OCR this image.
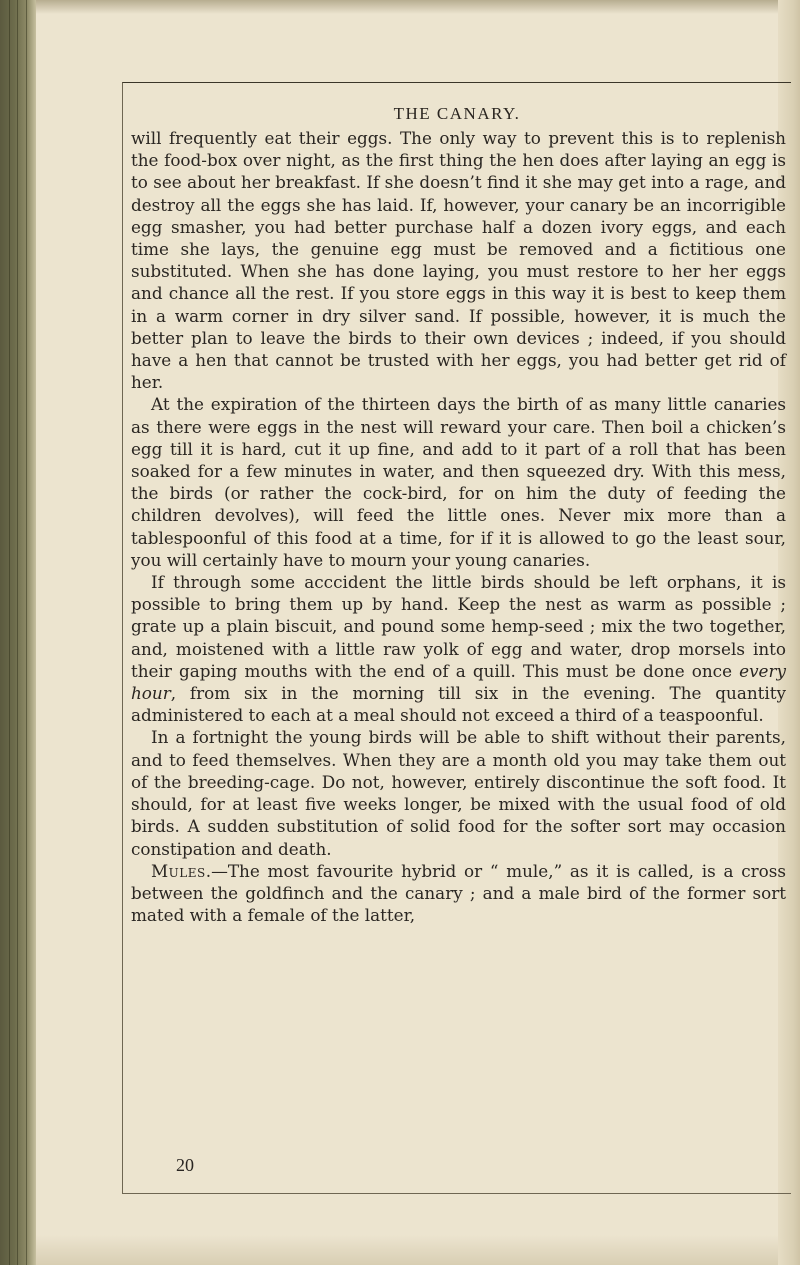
THE CANARY.

will frequently eat their eggs. The only way to prevent this is to replenish the food-box over night, as the first thing the hen does after laying an egg is to see about her breakfast. If she doesn’t find it she may get into a rage, and destroy all the eggs she has laid. If, however, your canary be an incorrigible egg smasher, you had better purchase half a dozen ivory eggs, and each time she lays, the genuine egg must be removed and a fictitious one substituted. When she has done laying, you must restore to her her eggs and chance all the rest. If you store eggs in this way it is best to keep them in a warm corner in dry silver sand. If possible, however, it is much the better plan to leave the birds to their own devices ; indeed, if you should have a hen that cannot be trusted with her eggs, you had better get rid of her.

At the expiration of the thirteen days the birth of as many little canaries as there were eggs in the nest will reward your care. Then boil a chicken’s egg till it is hard, cut it up fine, and add to it part of a roll that has been soaked for a few minutes in water, and then squeezed dry. With this mess, the birds (or rather the cock-bird, for on him the duty of feeding the children devolves), will feed the little ones. Never mix more than a tablespoonful of this food at a time, for if it is allowed to go the least sour, you will certainly have to mourn your young canaries.

If through some acccident the little birds should be left orphans, it is possible to bring them up by hand. Keep the nest as warm as possible ; grate up a plain biscuit, and pound some hemp-seed ; mix the two together, and, moistened with a little raw yolk of egg and water, drop morsels into their gaping mouths with the end of a quill. This must be done once every hour, from six in the morning till six in the evening. The quantity administered to each at a meal should not exceed a third of a teaspoonful.

In a fortnight the young birds will be able to shift without their parents, and to feed themselves. When they are a month old you may take them out of the breeding-cage. Do not, however, entirely discontinue the soft food. It should, for at least five weeks longer, be mixed with the usual food of old birds. A sudden substitution of solid food for the softer sort may occasion constipation and death.

Mules.—The most favourite hybrid or “ mule,” as it is called, is a cross between the goldfinch and the canary ; and a male bird of the former sort mated with a female of the latter,

20
